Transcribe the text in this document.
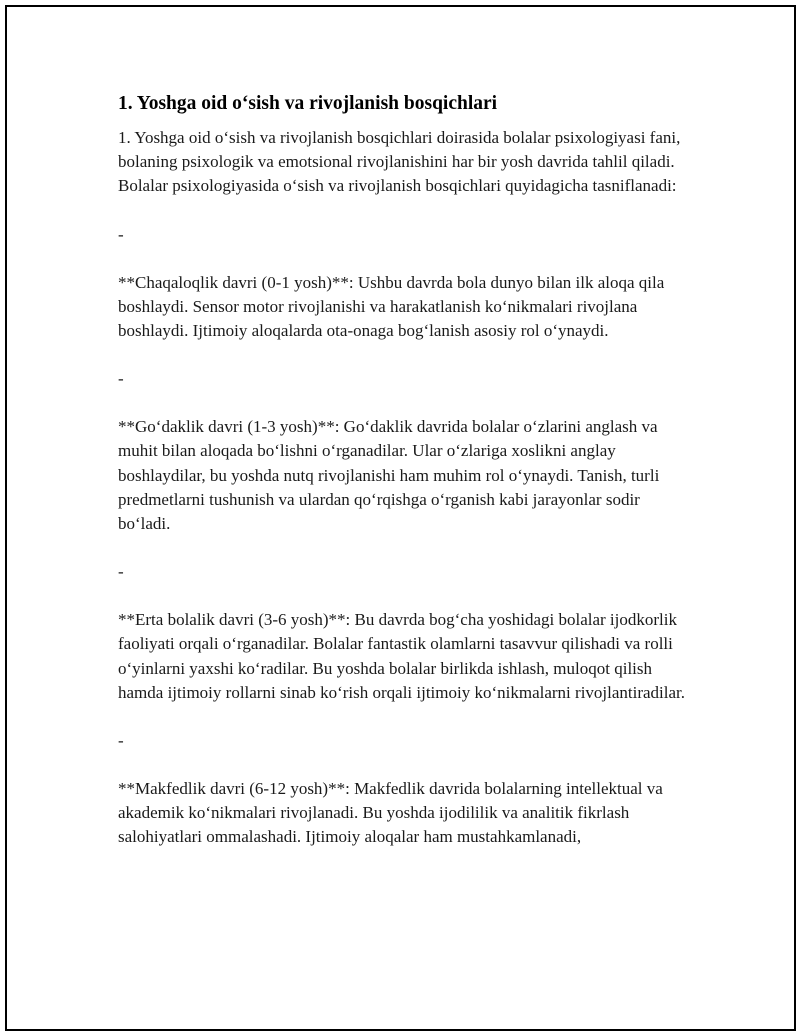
1. Yoshga oid o‘sish va rivojlanish bosqichlari

1. Yoshga oid o‘sish va rivojlanish bosqichlari doirasida bolalar psixologiyasi fani, bolaning psixologik va emotsional rivojlanishini har bir yosh davrida tahlil qiladi. Bolalar psixologiyasida o‘sish va rivojlanish bosqichlari quyidagicha tasniflanadi:

-

**Chaqaloqlik davri (0-1 yosh)**: Ushbu davrda bola dunyo bilan ilk aloqa qila boshlaydi. Sensor motor rivojlanishi va harakatlanish ko‘nikmalari rivojlana boshlaydi. Ijtimoiy aloqalarda ota-onaga bog‘lanish asosiy rol o‘ynaydi.

-

**Go‘daklik davri (1-3 yosh)**: Go‘daklik davrida bolalar o‘zlarini anglash va muhit bilan aloqada bo‘lishni o‘rganadilar. Ular o‘zlariga xoslikni anglay boshlaydilar, bu yoshda nutq rivojlanishi ham muhim rol o‘ynaydi. Tanish, turli predmetlarni tushunish va ulardan qo‘rqishga o‘rganish kabi jarayonlar sodir bo‘ladi.

-

**Erta bolalik davri (3-6 yosh)**: Bu davrda bog‘cha yoshidagi bolalar ijodkorlik faoliyati orqali o‘rganadilar. Bolalar fantastik olamlarni tasavvur qilishadi va rolli o‘yinlarni yaxshi ko‘radilar. Bu yoshda bolalar birlikda ishlash, muloqot qilish hamda ijtimoiy rollarni sinab ko‘rish orqali ijtimoiy ko‘nikmalarni rivojlantiradilar.

-

**Makfedlik davri (6-12 yosh)**: Makfedlik davrida bolalarning intellektual va akademik ko‘nikmalari rivojlanadi. Bu yoshda ijodililik va analitik fikrlash salohiyatlari ommalashadi. Ijtimoiy aloqalar ham mustahkamlanadi,
